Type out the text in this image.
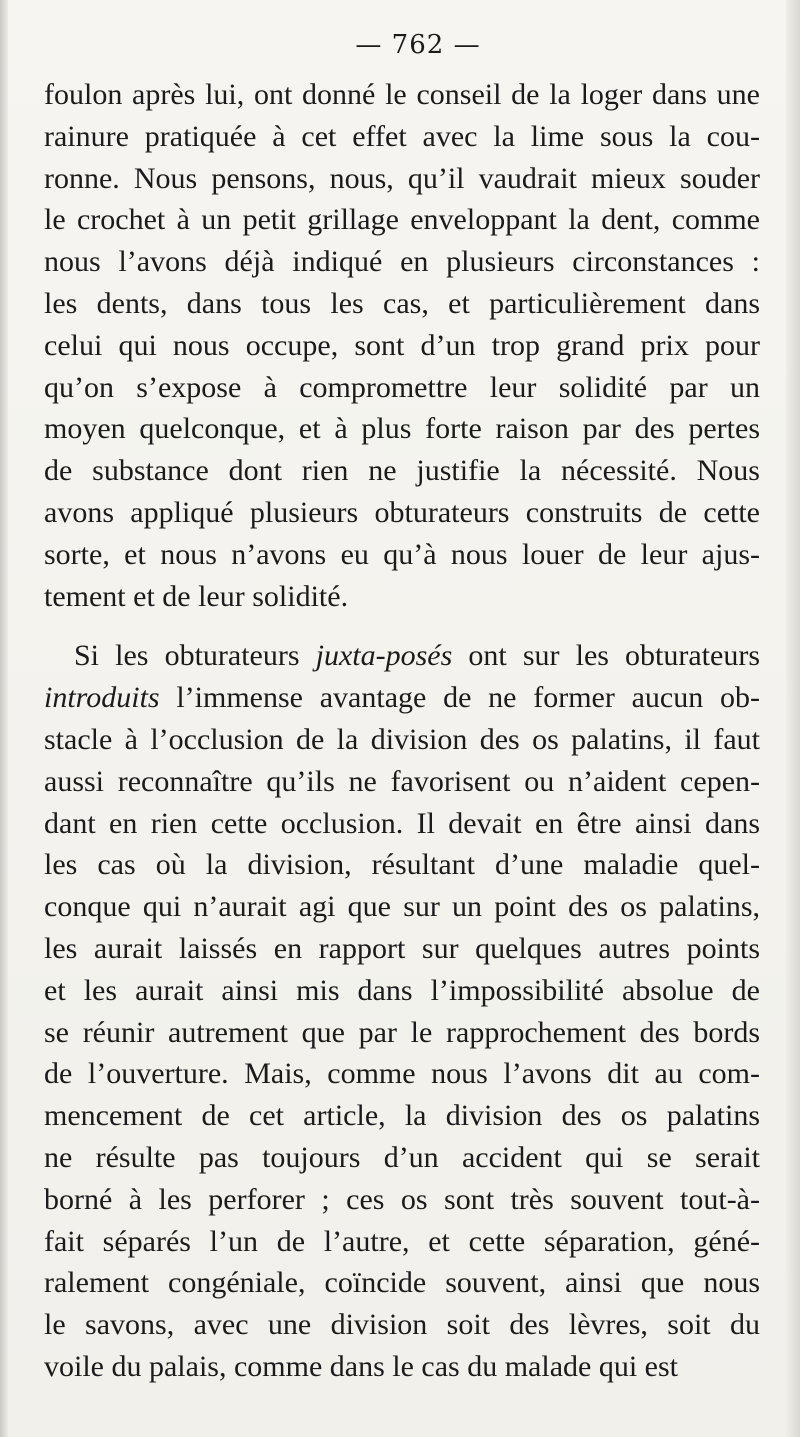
— 762 —
foulon après lui, ont donné le conseil de la loger dans une
rainure pratiquée à cet effet avec la lime sous la cou-
ronne. Nous pensons, nous, qu’il vaudrait mieux souder
le crochet à un petit grillage enveloppant la dent, comme
nous l’avons déjà indiqué en plusieurs circonstances :
les dents, dans tous les cas, et particulièrement dans
celui qui nous occupe, sont d’un trop grand prix pour
qu’on s’expose à compromettre leur solidité par un
moyen quelconque, et à plus forte raison par des pertes
de substance dont rien ne justifie la nécessité. Nous
avons appliqué plusieurs obturateurs construits de cette
sorte, et nous n’avons eu qu’à nous louer de leur ajus-
tement et de leur solidité.
Si les obturateurs juxta-posés ont sur les obturateurs
introduits l’immense avantage de ne former aucun ob-
stacle à l’occlusion de la division des os palatins, il faut
aussi reconnaître qu’ils ne favorisent ou n’aident cepen-
dant en rien cette occlusion. Il devait en être ainsi dans
les cas où la division, résultant d’une maladie quel-
conque qui n’aurait agi que sur un point des os palatins,
les aurait laissés en rapport sur quelques autres points
et les aurait ainsi mis dans l’impossibilité absolue de
se réunir autrement que par le rapprochement des bords
de l’ouverture. Mais, comme nous l’avons dit au com-
mencement de cet article, la division des os palatins
ne résulte pas toujours d’un accident qui se serait
borné à les perforer ; ces os sont très souvent tout-à-
fait séparés l’un de l’autre, et cette séparation, géné-
ralement congéniale, coïncide souvent, ainsi que nous
le savons, avec une division soit des lèvres, soit du
voile du palais, comme dans le cas du malade qui est
